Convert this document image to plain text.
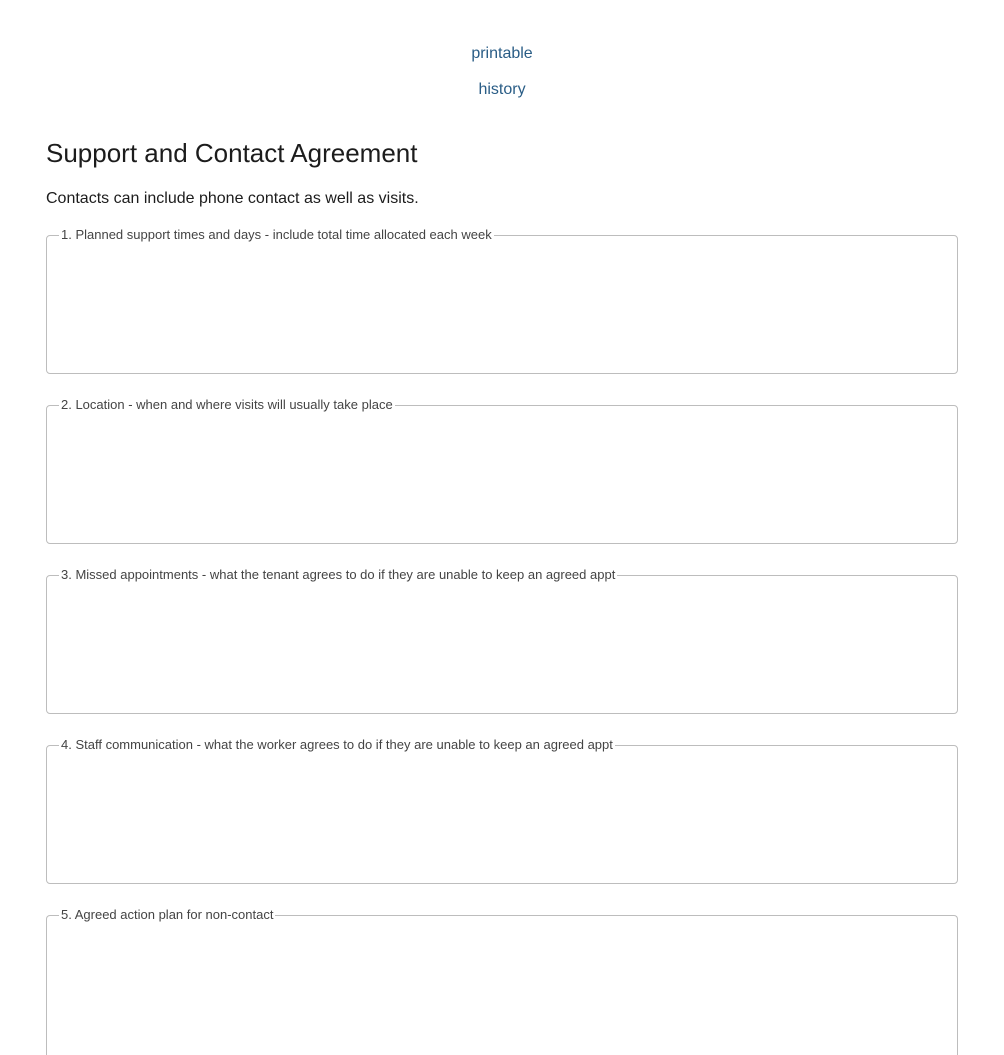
printable
history
Support and Contact Agreement

Contacts can include phone contact as well as visits.

1. Planned support times and days - include total time allocated each week
2. Location - when and where visits will usually take place
3. Missed appointments - what the tenant agrees to do if they are unable to keep an agreed appt
4. Staff communication - what the worker agrees to do if they are unable to keep an agreed appt
5. Agreed action plan for non-contact
